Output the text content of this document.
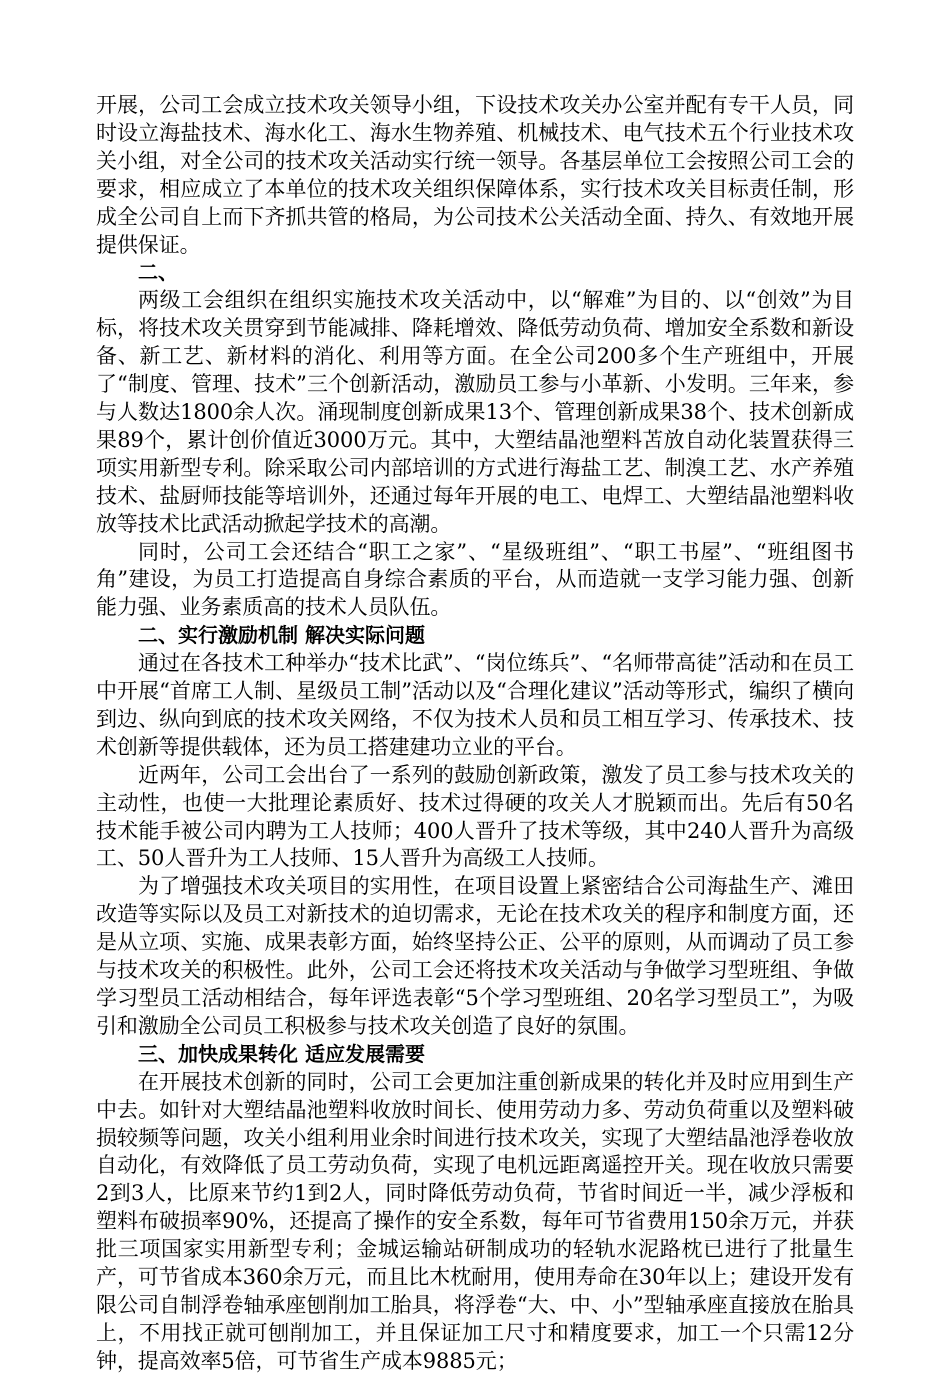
开展，公司工会成立技术攻关领导小组，下设技术攻关办公室并配有专干人员，同时设立海盐技术、海水化工、海水生物养殖、机械技术、电气技术五个行业技术攻关小组，对全公司的技术攻关活动实行统一领导。各基层单位工会按照公司工会的要求，相应成立了本单位的技术攻关组织保障体系，实行技术攻关目标责任制，形成全公司自上而下齐抓共管的格局，为公司技术公关活动全面、持久、有效地开展提供保证。

二、

两级工会组织在组织实施技术攻关活动中，以“解难”为目的、以“创效”为目标，将技术攻关贯穿到节能减排、降耗增效、降低劳动负荷、增加安全系数和新设备、新工艺、新材料的消化、利用等方面。在全公司200多个生产班组中，开展了“制度、管理、技术”三个创新活动，激励员工参与小革新、小发明。三年来，参与人数达1800余人次。涌现制度创新成果13个、管理创新成果38个、技术创新成果89个，累计创价值近3000万元。其中，大塑结晶池塑料苫放自动化装置获得三项实用新型专利。除采取公司内部培训的方式进行海盐工艺、制溴工艺、水产养殖技术、盐厨师技能等培训外，还通过每年开展的电工、电焊工、大塑结晶池塑料收放等技术比武活动掀起学技术的高潮。

同时，公司工会还结合“职工之家”、“星级班组”、“职工书屋”、“班组图书角”建设，为员工打造提高自身综合素质的平台，从而造就一支学习能力强、创新能力强、业务素质高的技术人员队伍。

二、实行激励机制 解决实际问题

通过在各技术工种举办“技术比武”、“岗位练兵”、“名师带高徒”活动和在员工中开展“首席工人制、星级员工制”活动以及“合理化建议”活动等形式，编织了横向到边、纵向到底的技术攻关网络，不仅为技术人员和员工相互学习、传承技术、技术创新等提供载体，还为员工搭建建功立业的平台。

近两年，公司工会出台了一系列的鼓励创新政策，激发了员工参与技术攻关的主动性，也使一大批理论素质好、技术过得硬的攻关人才脱颖而出。先后有50名技术能手被公司内聘为工人技师；400人晋升了技术等级，其中240人晋升为高级工、50人晋升为工人技师、15人晋升为高级工人技师。

为了增强技术攻关项目的实用性，在项目设置上紧密结合公司海盐生产、滩田改造等实际以及员工对新技术的迫切需求，无论在技术攻关的程序和制度方面，还是从立项、实施、成果表彰方面，始终坚持公正、公平的原则，从而调动了员工参与技术攻关的积极性。此外，公司工会还将技术攻关活动与争做学习型班组、争做学习型员工活动相结合，每年评选表彰“5个学习型班组、20名学习型员工”，为吸引和激励全公司员工积极参与技术攻关创造了良好的氛围。

三、加快成果转化 适应发展需要

在开展技术创新的同时，公司工会更加注重创新成果的转化并及时应用到生产中去。如针对大塑结晶池塑料收放时间长、使用劳动力多、劳动负荷重以及塑料破损较频等问题，攻关小组利用业余时间进行技术攻关，实现了大塑结晶池浮卷收放自动化，有效降低了员工劳动负荷，实现了电机远距离遥控开关。现在收放只需要2到3人，比原来节约1到2人，同时降低劳动负荷，节省时间近一半，减少浮板和塑料布破损率90%，还提高了操作的安全系数，每年可节省费用150余万元，并获批三项国家实用新型专利；金城运输站研制成功的轻轨水泥路枕已进行了批量生产，可节省成本360余万元，而且比木枕耐用，使用寿命在30年以上；建设开发有限公司自制浮卷轴承座刨削加工胎具，将浮卷“大、中、小”型轴承座直接放在胎具上，不用找正就可刨削加工，并且保证加工尺寸和精度要求，加工一个只需12分钟，提高效率5倍，可节省生产成本9885元；
